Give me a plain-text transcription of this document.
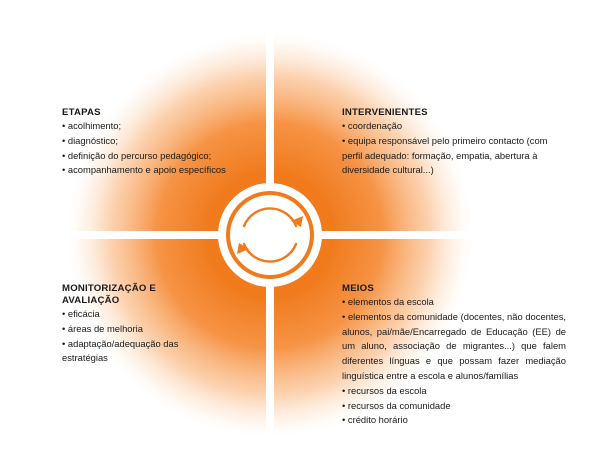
ETAPAS
• acolhimento;
• diagnóstico;
• definição do percurso pedagógico;
• acompanhamento e apoio específicos
INTERVENIENTES
• coordenação
• equipa responsável pelo primeiro contacto (com perfil adequado: formação, empatia, abertura à diversidade cultural...)
MONITORIZAÇÃO E AVALIAÇÃO
• eficácia
• áreas de melhoria
• adaptação/adequação das estratégias
MEIOS
• elementos da escola
• elementos da comunidade (docentes, não docentes, alunos, pai/mãe/Encarregado de Educação (EE) de um aluno, associação de migrantes...) que falem diferentes línguas e que possam fazer mediação linguística entre a escola e alunos/famílias
• recursos da escola
• recursos da comunidade
• crédito horário
